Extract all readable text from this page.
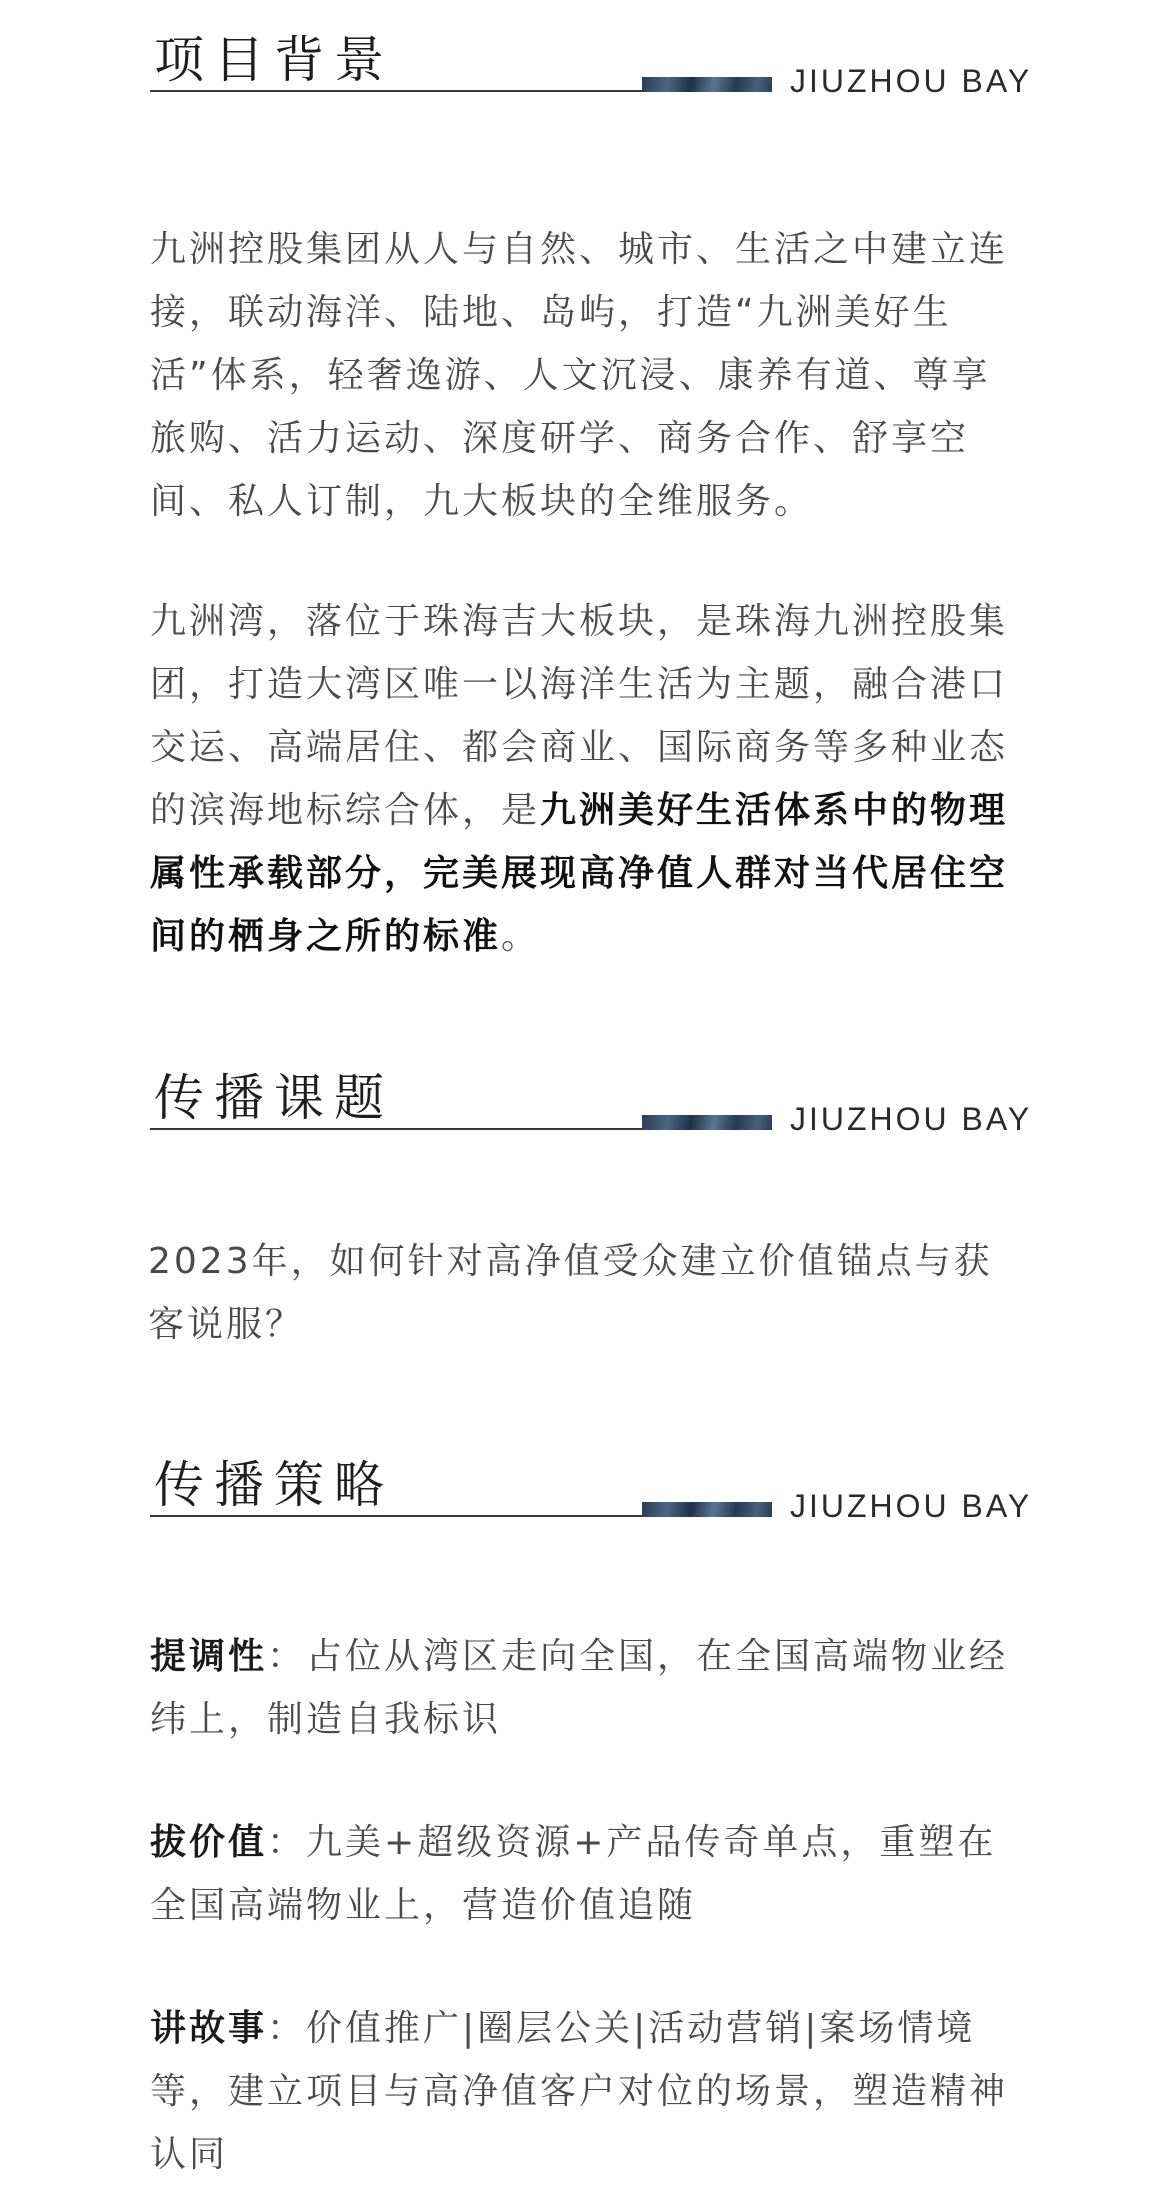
项目背景	JIUZHOU BAY

九洲控股集团从人与自然、城市、生活之中建立连接，联动海洋、陆地、岛屿，打造“九洲美好生活”体系，轻奢逸游、人文沉浸、康养有道、尊享旅购、活力运动、深度研学、商务合作、舒享空间、私人订制，九大板块的全维服务。

九洲湾，落位于珠海吉大板块，是珠海九洲控股集团，打造大湾区唯一以海洋生活为主题，融合港口交运、高端居住、都会商业、国际商务等多种业态的滨海地标综合体，是九洲美好生活体系中的物理属性承载部分，完美展现高净值人群对当代居住空间的栖身之所的标准。

传播课题	JIUZHOU BAY

2023年，如何针对高净值受众建立价值锚点与获客说服？

传播策略	JIUZHOU BAY

提调性：占位从湾区走向全国，在全国高端物业经纬上，制造自我标识

拔价值：九美+超级资源+产品传奇单点，重塑在全国高端物业上，营造价值追随

讲故事：价值推广|圈层公关|活动营销|案场情境等，建立项目与高净值客户对位的场景，塑造精神认同
